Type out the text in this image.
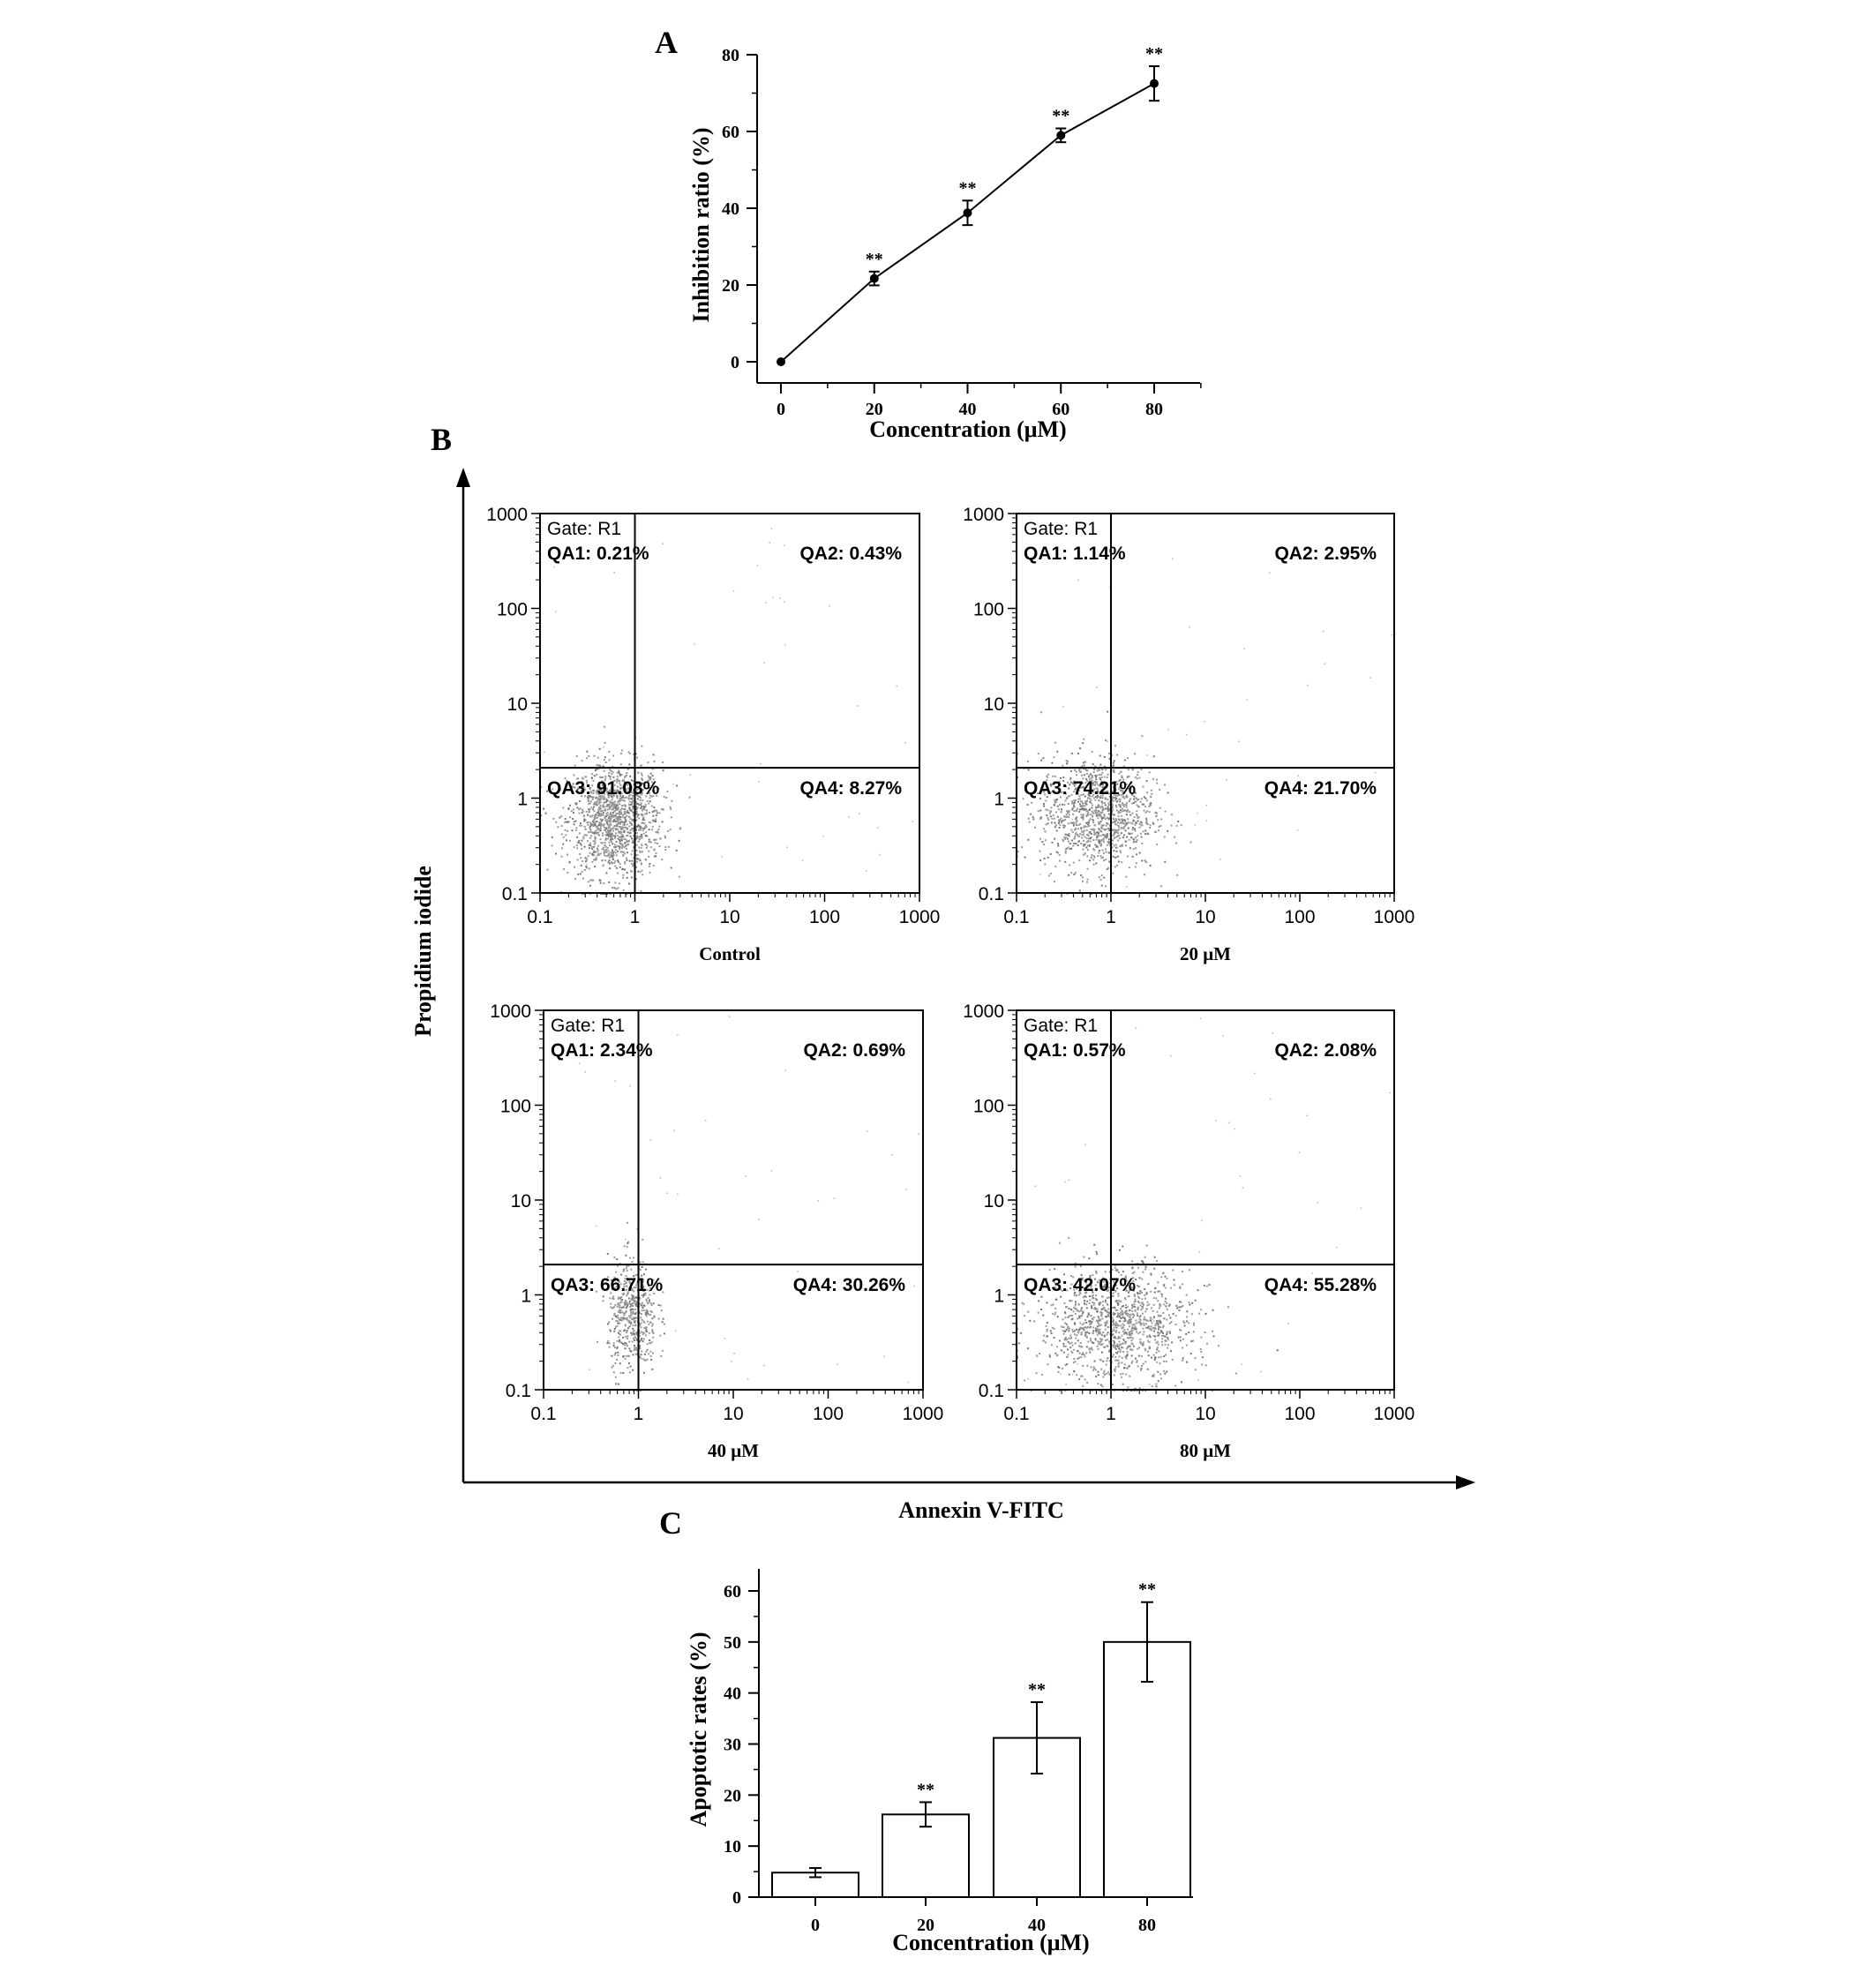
A
B
C
0
20
40
60
80
0	20	40	60	80
**
**
**
**
Concentration (μM)
Inhibition ratio (%)
Propidium iodide
Annexin V-FITC
0.1
0.1
1
1
10
10
100
100
1000
1000
Gate: R1
QA1: 0.21%	QA2: 0.43%
QA3: 91.08%	QA4: 8.27%
Control
0.1
0.1
1
1
10
10
100
100
1000
1000
Gate: R1
QA1: 1.14%	QA2: 2.95%
QA3: 74.21%	QA4: 21.70%
20 μM
0.1
0.1
1
1
10
10
100
100
1000
1000
Gate: R1
QA1: 2.34%	QA2: 0.69%
QA3: 66.71%	QA4: 30.26%
40 μM
0.1
0.1
1
1
10
10
100
100
1000
1000
Gate: R1
QA1: 0.57%	QA2: 2.08%
QA3: 42.07%	QA4: 55.28%
80 μM
0
10
20
30
40
50
60
0	20	40	80
**
**
**
Concentration (μM)
Apoptotic rates (%)
